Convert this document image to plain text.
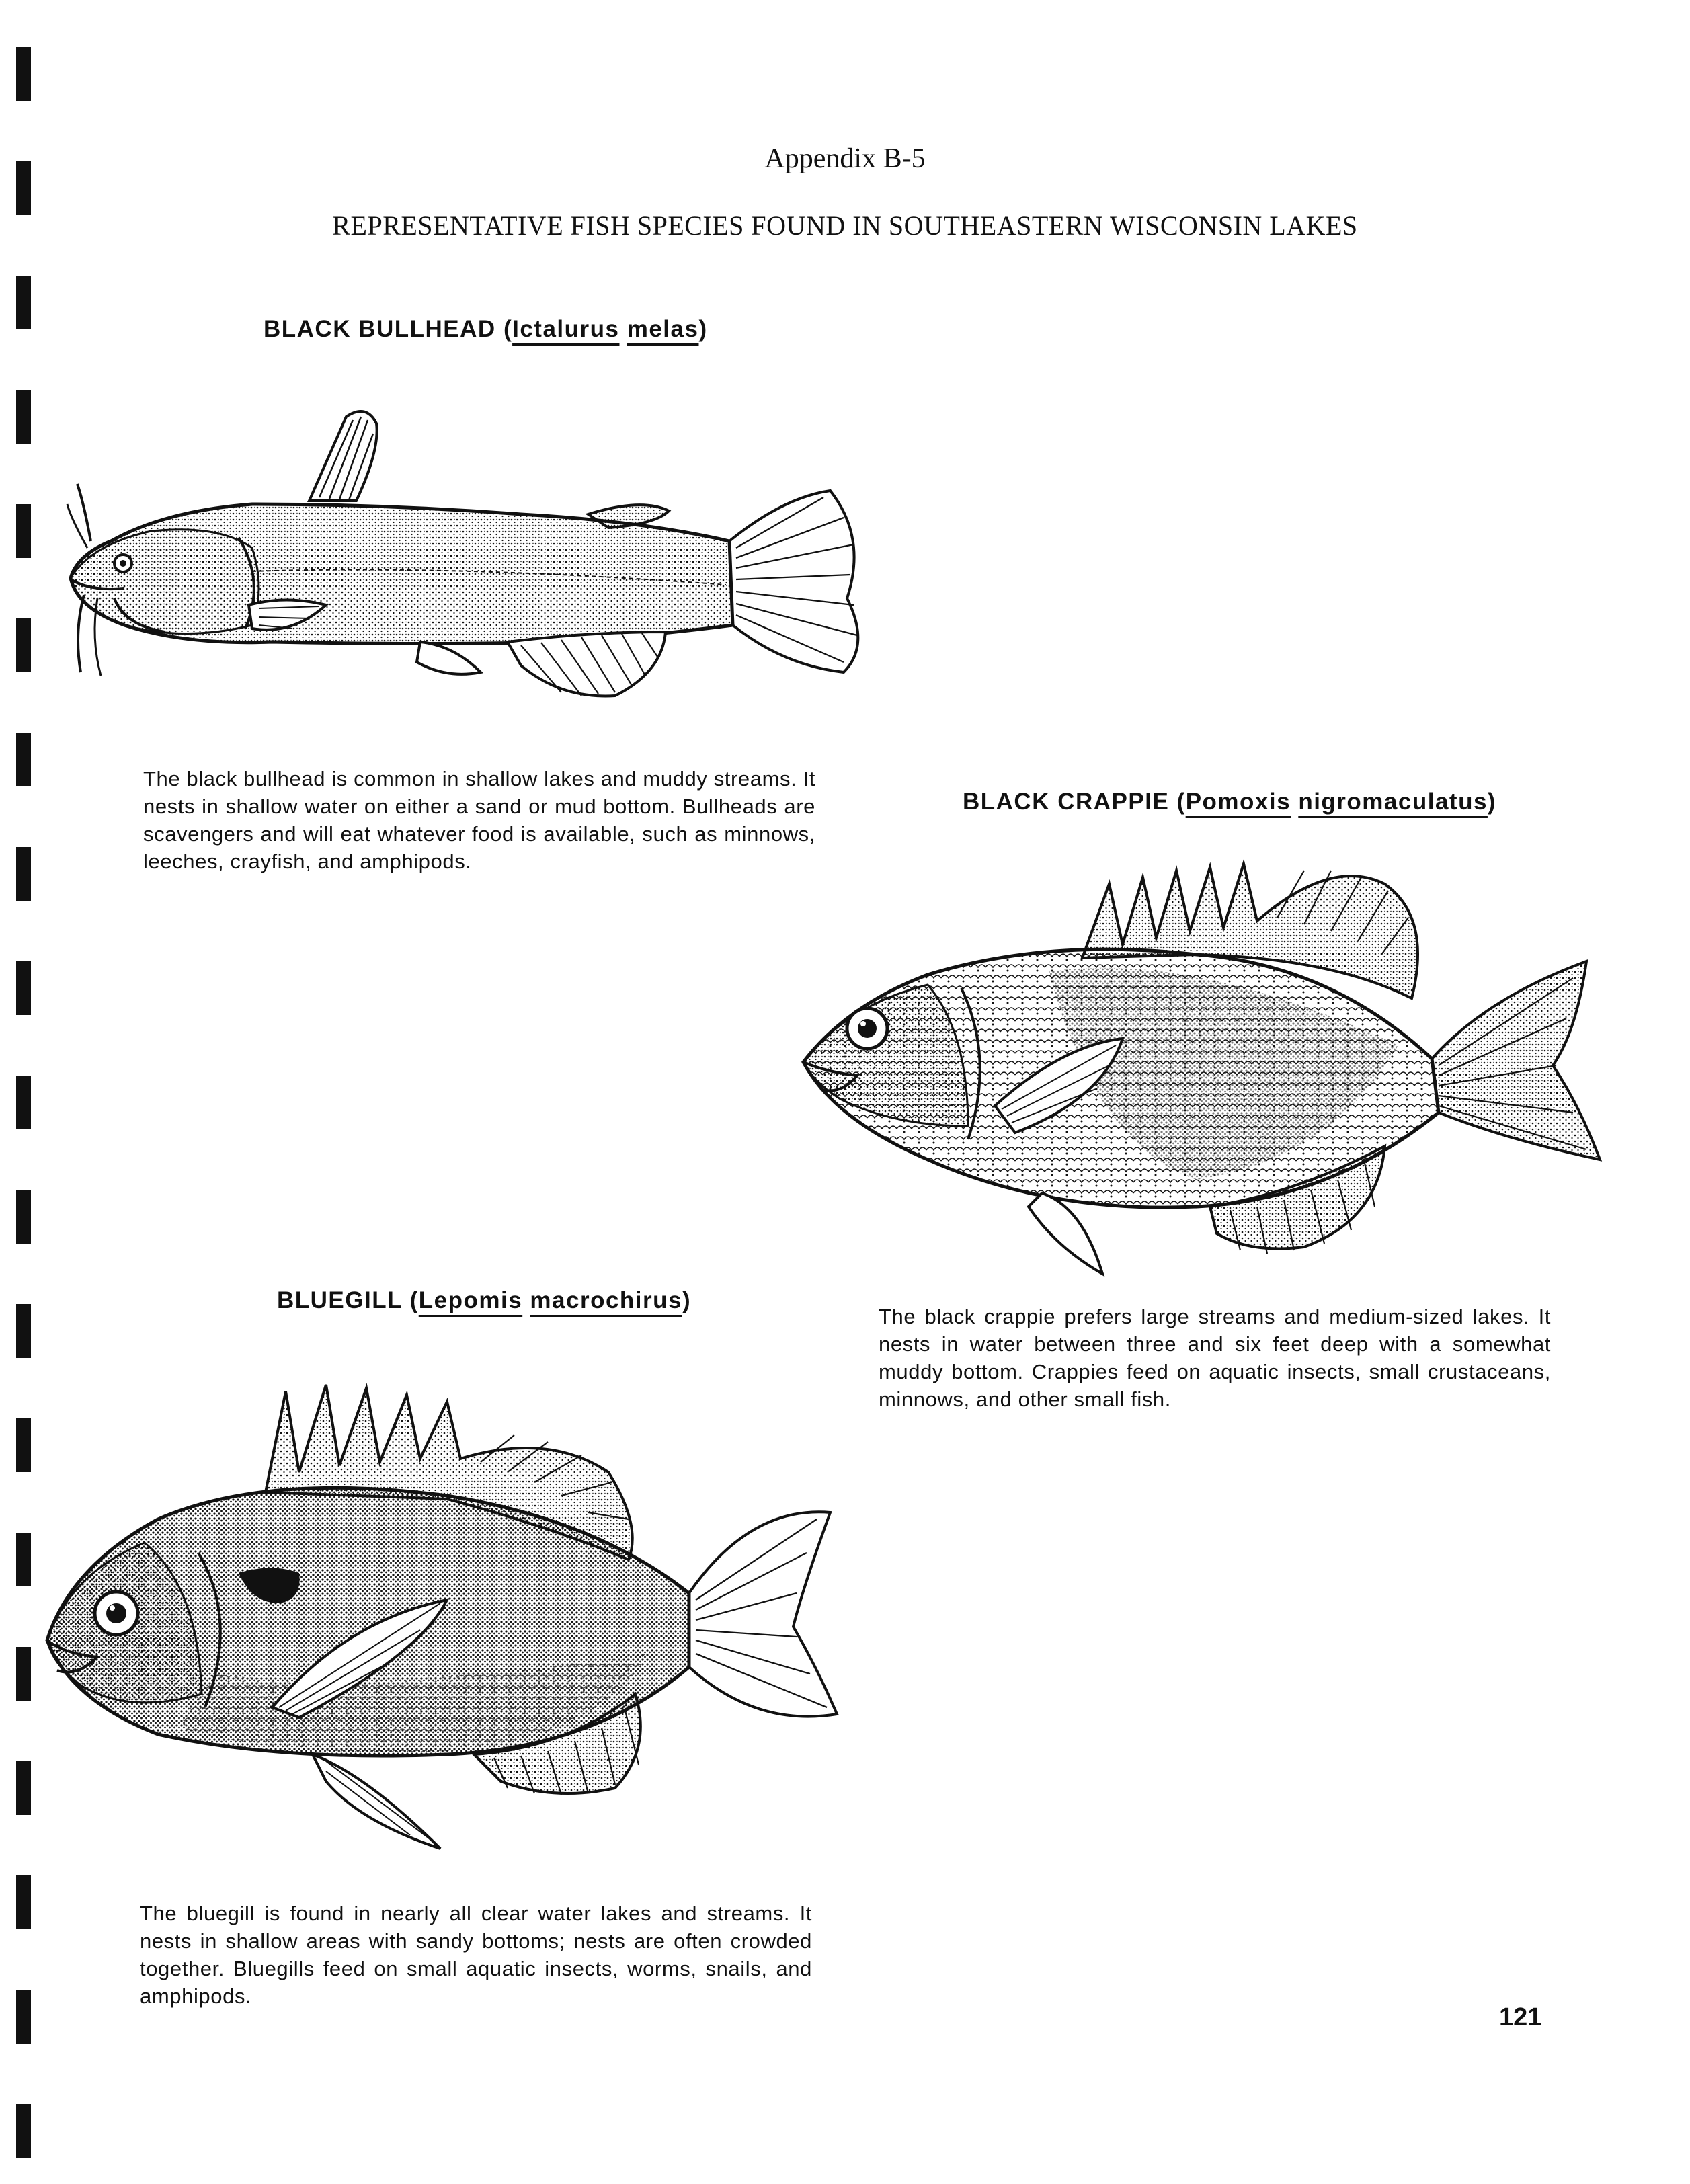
Appendix B-5
REPRESENTATIVE FISH SPECIES FOUND IN SOUTHEASTERN WISCONSIN LAKES
BLACK BULLHEAD (Ictalurus melas)
The black bullhead is common in shallow lakes and muddy streams. It nests in shallow water on either a sand or mud bottom. Bullheads are scavengers and will eat whatever food is available, such as minnows, leeches, crayfish, and amphipods.
BLACK CRAPPIE (Pomoxis nigromaculatus)
The black crappie prefers large streams and medium-sized lakes. It nests in water between three and six feet deep with a somewhat muddy bottom. Crappies feed on aquatic insects, small crustaceans, minnows, and other small fish.
BLUEGILL (Lepomis macrochirus)
The bluegill is found in nearly all clear water lakes and streams. It nests in shallow areas with sandy bottoms; nests are often crowded together. Bluegills feed on small aquatic insects, worms, snails, and amphipods.
121
